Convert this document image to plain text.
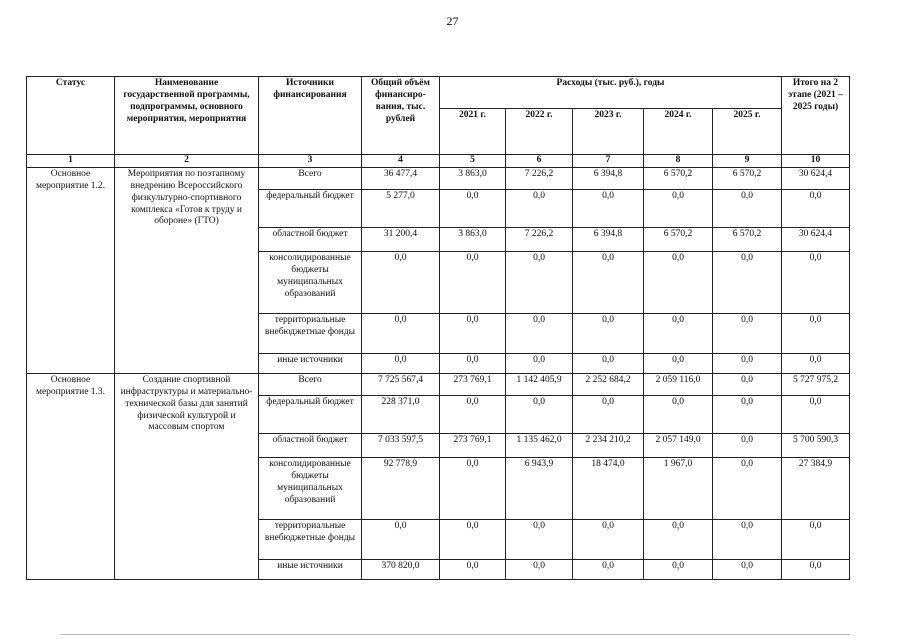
27
Статус	Наименование государственной программы, подпрограммы, основного мероприятия, мероприятия	Источники финансирования	Общий объём финансиро-вания, тыс. рублей	Расходы (тыс. руб.), годы					Итого на 2 этапе (2021 – 2025 годы)
				2021 г.	2022 г.	2023 г.	2024 г.	2025 г.	
1	2	3	4	5	6	7	8	9	10
Основное мероприятие 1.2.	Мероприятия по поэтапному внедрению Всероссийского физкультурно-спортивного комплекса «Готов к труду и обороне» (ГТО)	Всего	36 477,4	3 863,0	7 226,2	6 394,8	6 570,2	6 570,2	30 624,4
		федеральный бюджет	5 277,0	0,0	0,0	0,0	0,0	0,0	0,0
		областной бюджет	31 200,4	3 863,0	7 226,2	6 394,8	6 570,2	6 570,2	30 624,4
		консолидированные бюджеты муниципальных образований	0,0	0,0	0,0	0,0	0,0	0,0	0,0
		территориальные внебюджетные фонды	0,0	0,0	0,0	0,0	0,0	0,0	0,0
		иные источники	0,0	0,0	0,0	0,0	0,0	0,0	0,0
Основное мероприятие 1.3.	Создание спортивной инфраструктуры и материально-технической базы для занятий физической культурой и массовым спортом	Всего	7 725 567,4	273 769,1	1 142 405,9	2 252 684,2	2 059 116,0	0,0	5 727 975,2
		федеральный бюджет	228 371,0	0,0	0,0	0,0	0,0	0,0	0,0
		областной бюджет	7 033 597,5	273 769,1	1 135 462,0	2 234 210,2	2 057 149,0	0,0	5 700 590,3
		консолидированные бюджеты муниципальных образований	92 778,9	0,0	6 943,9	18 474,0	1 967,0	0,0	27 384,9
		территориальные внебюджетные фонды	0,0	0,0	0,0	0,0	0,0	0,0	0,0
		иные источники	370 820,0	0,0	0,0	0,0	0,0	0,0	0,0
